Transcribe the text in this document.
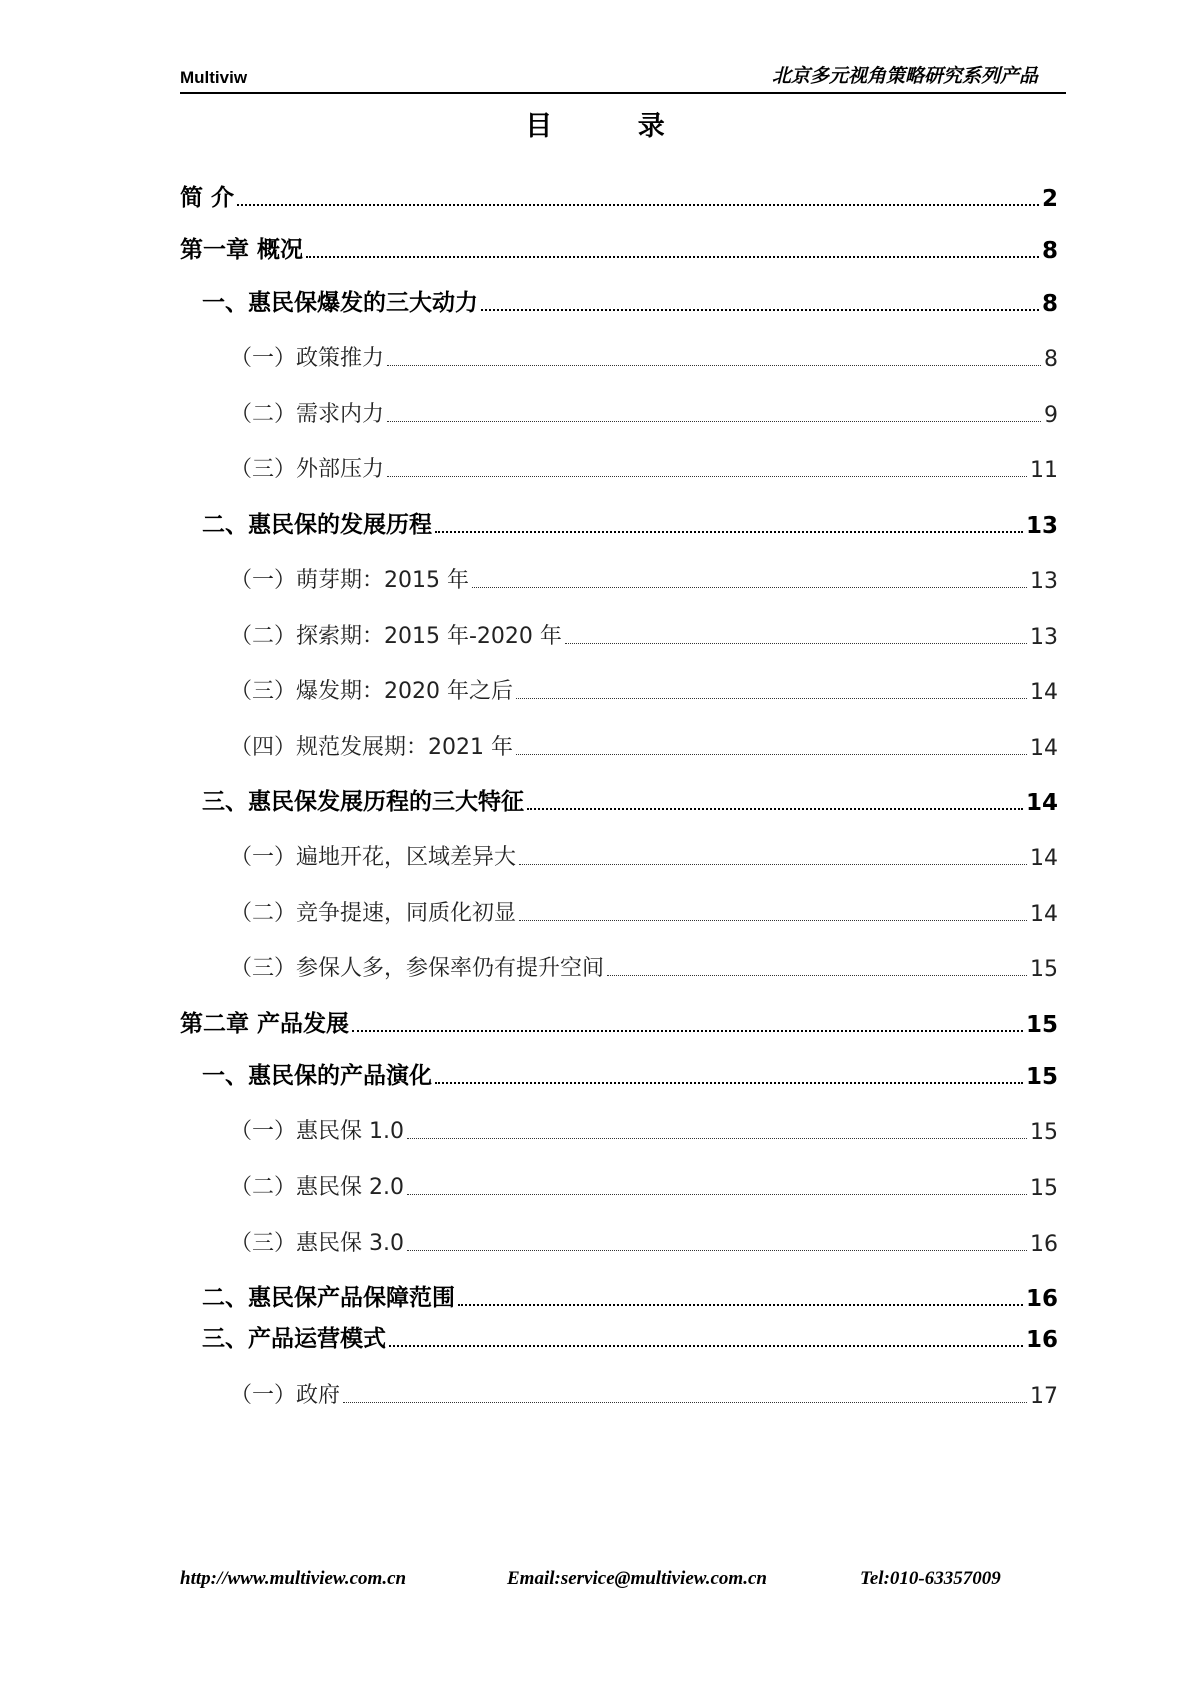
Multiviw	北京多元视角策略研究系列产品
目 录
简 介	2
第一章 概况	8
一、惠民保爆发的三大动力	8
（一）政策推力	8
（二）需求内力	9
（三）外部压力	11
二、惠民保的发展历程	13
（一）萌芽期：2015 年	13
（二）探索期：2015 年-2020 年	13
（三）爆发期：2020 年之后	14
（四）规范发展期：2021 年	14
三、惠民保发展历程的三大特征	14
（一）遍地开花，区域差异大	14
（二）竞争提速，同质化初显	14
（三）参保人多，参保率仍有提升空间	15
第二章 产品发展	15
一、惠民保的产品演化	15
（一）惠民保 1.0	15
（二）惠民保 2.0	15
（三）惠民保 3.0	16
二、惠民保产品保障范围	16
三、产品运营模式	16
（一）政府	17
http://www.multiview.com.cn	Email:service@multiview.com.cn	Tel:010-63357009
